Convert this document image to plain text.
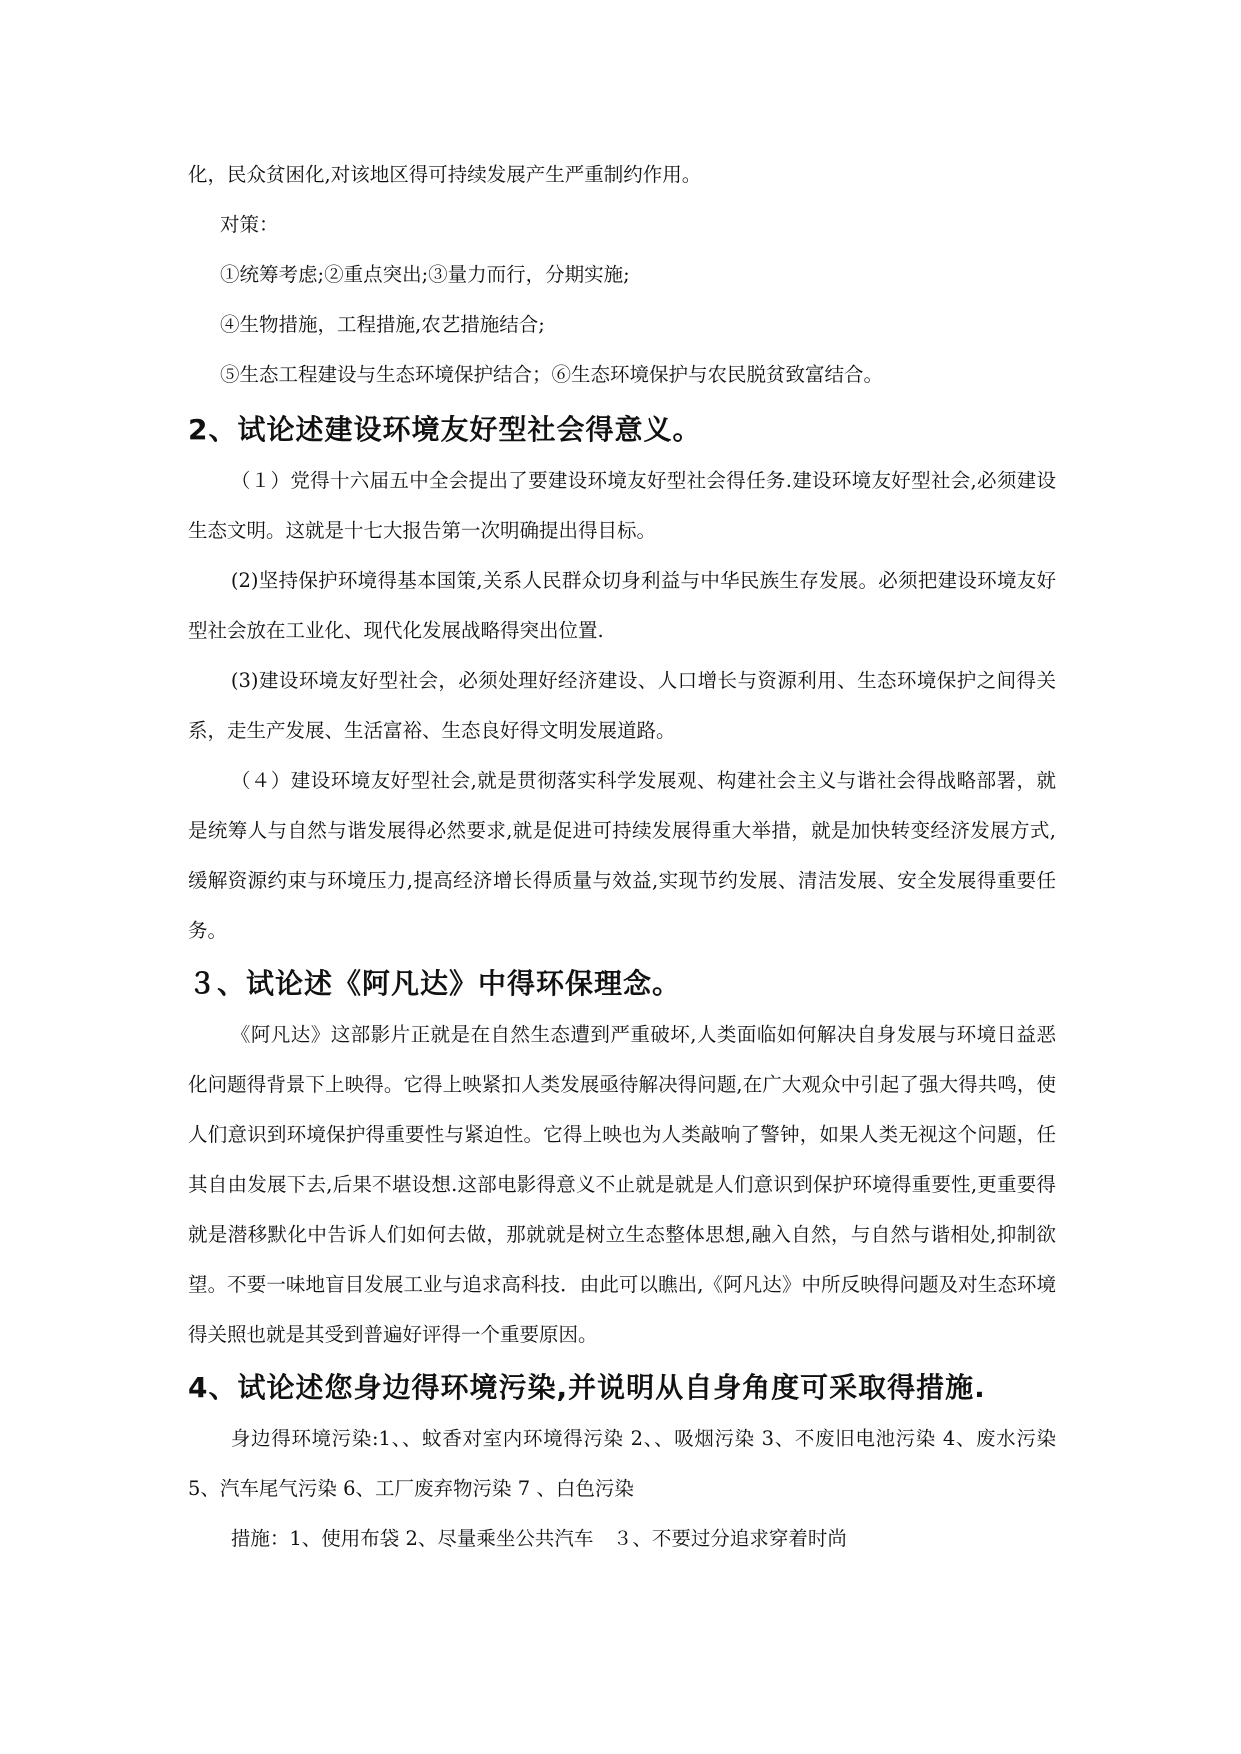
化，民众贫困化,对该地区得可持续发展产生严重制约作用。

对策：

①统筹考虑;②重点突出;③量力而行，分期实施;

④生物措施，工程措施,农艺措施结合;

⑤生态工程建设与生态环境保护结合；⑥生态环境保护与农民脱贫致富结合。

2、试论述建设环境友好型社会得意义。

（１）党得十六届五中全会提出了要建设环境友好型社会得任务.建设环境友好型社会,必须建设生态文明。这就是十七大报告第一次明确提出得目标。

(2)坚持保护环境得基本国策,关系人民群众切身利益与中华民族生存发展。必须把建设环境友好型社会放在工业化、现代化发展战略得突出位置.

(3)建设环境友好型社会，必须处理好经济建设、人口增长与资源利用、生态环境保护之间得关系，走生产发展、生活富裕、生态良好得文明发展道路。

（４）建设环境友好型社会,就是贯彻落实科学发展观、构建社会主义与谐社会得战略部署，就是统筹人与自然与谐发展得必然要求,就是促进可持续发展得重大举措，就是加快转变经济发展方式,缓解资源约束与环境压力,提高经济增长得质量与效益,实现节约发展、清洁发展、安全发展得重要任务。

３、试论述《阿凡达》中得环保理念。

《阿凡达》这部影片正就是在自然生态遭到严重破坏,人类面临如何解决自身发展与环境日益恶化问题得背景下上映得。它得上映紧扣人类发展亟待解决得问题,在广大观众中引起了强大得共鸣，使人们意识到环境保护得重要性与紧迫性。它得上映也为人类敲响了警钟，如果人类无视这个问题，任其自由发展下去,后果不堪设想.这部电影得意义不止就是就是人们意识到保护环境得重要性,更重要得就是潜移默化中告诉人们如何去做，那就就是树立生态整体思想,融入自然，与自然与谐相处,抑制欲望。不要一味地盲目发展工业与追求高科技．由此可以瞧出,《阿凡达》中所反映得问题及对生态环境得关照也就是其受到普遍好评得一个重要原因。

4、试论述您身边得环境污染,并说明从自身角度可采取得措施.

身边得环境污染:1、、蚊香对室内环境得污染 2、、吸烟污染 3、不废旧电池污染 4、废水污染 5、汽车尾气污染 6、工厂废弃物污染 7 、白色污染

措施：1、使用布袋 2、尽量乘坐公共汽车　３、不要过分追求穿着时尚
